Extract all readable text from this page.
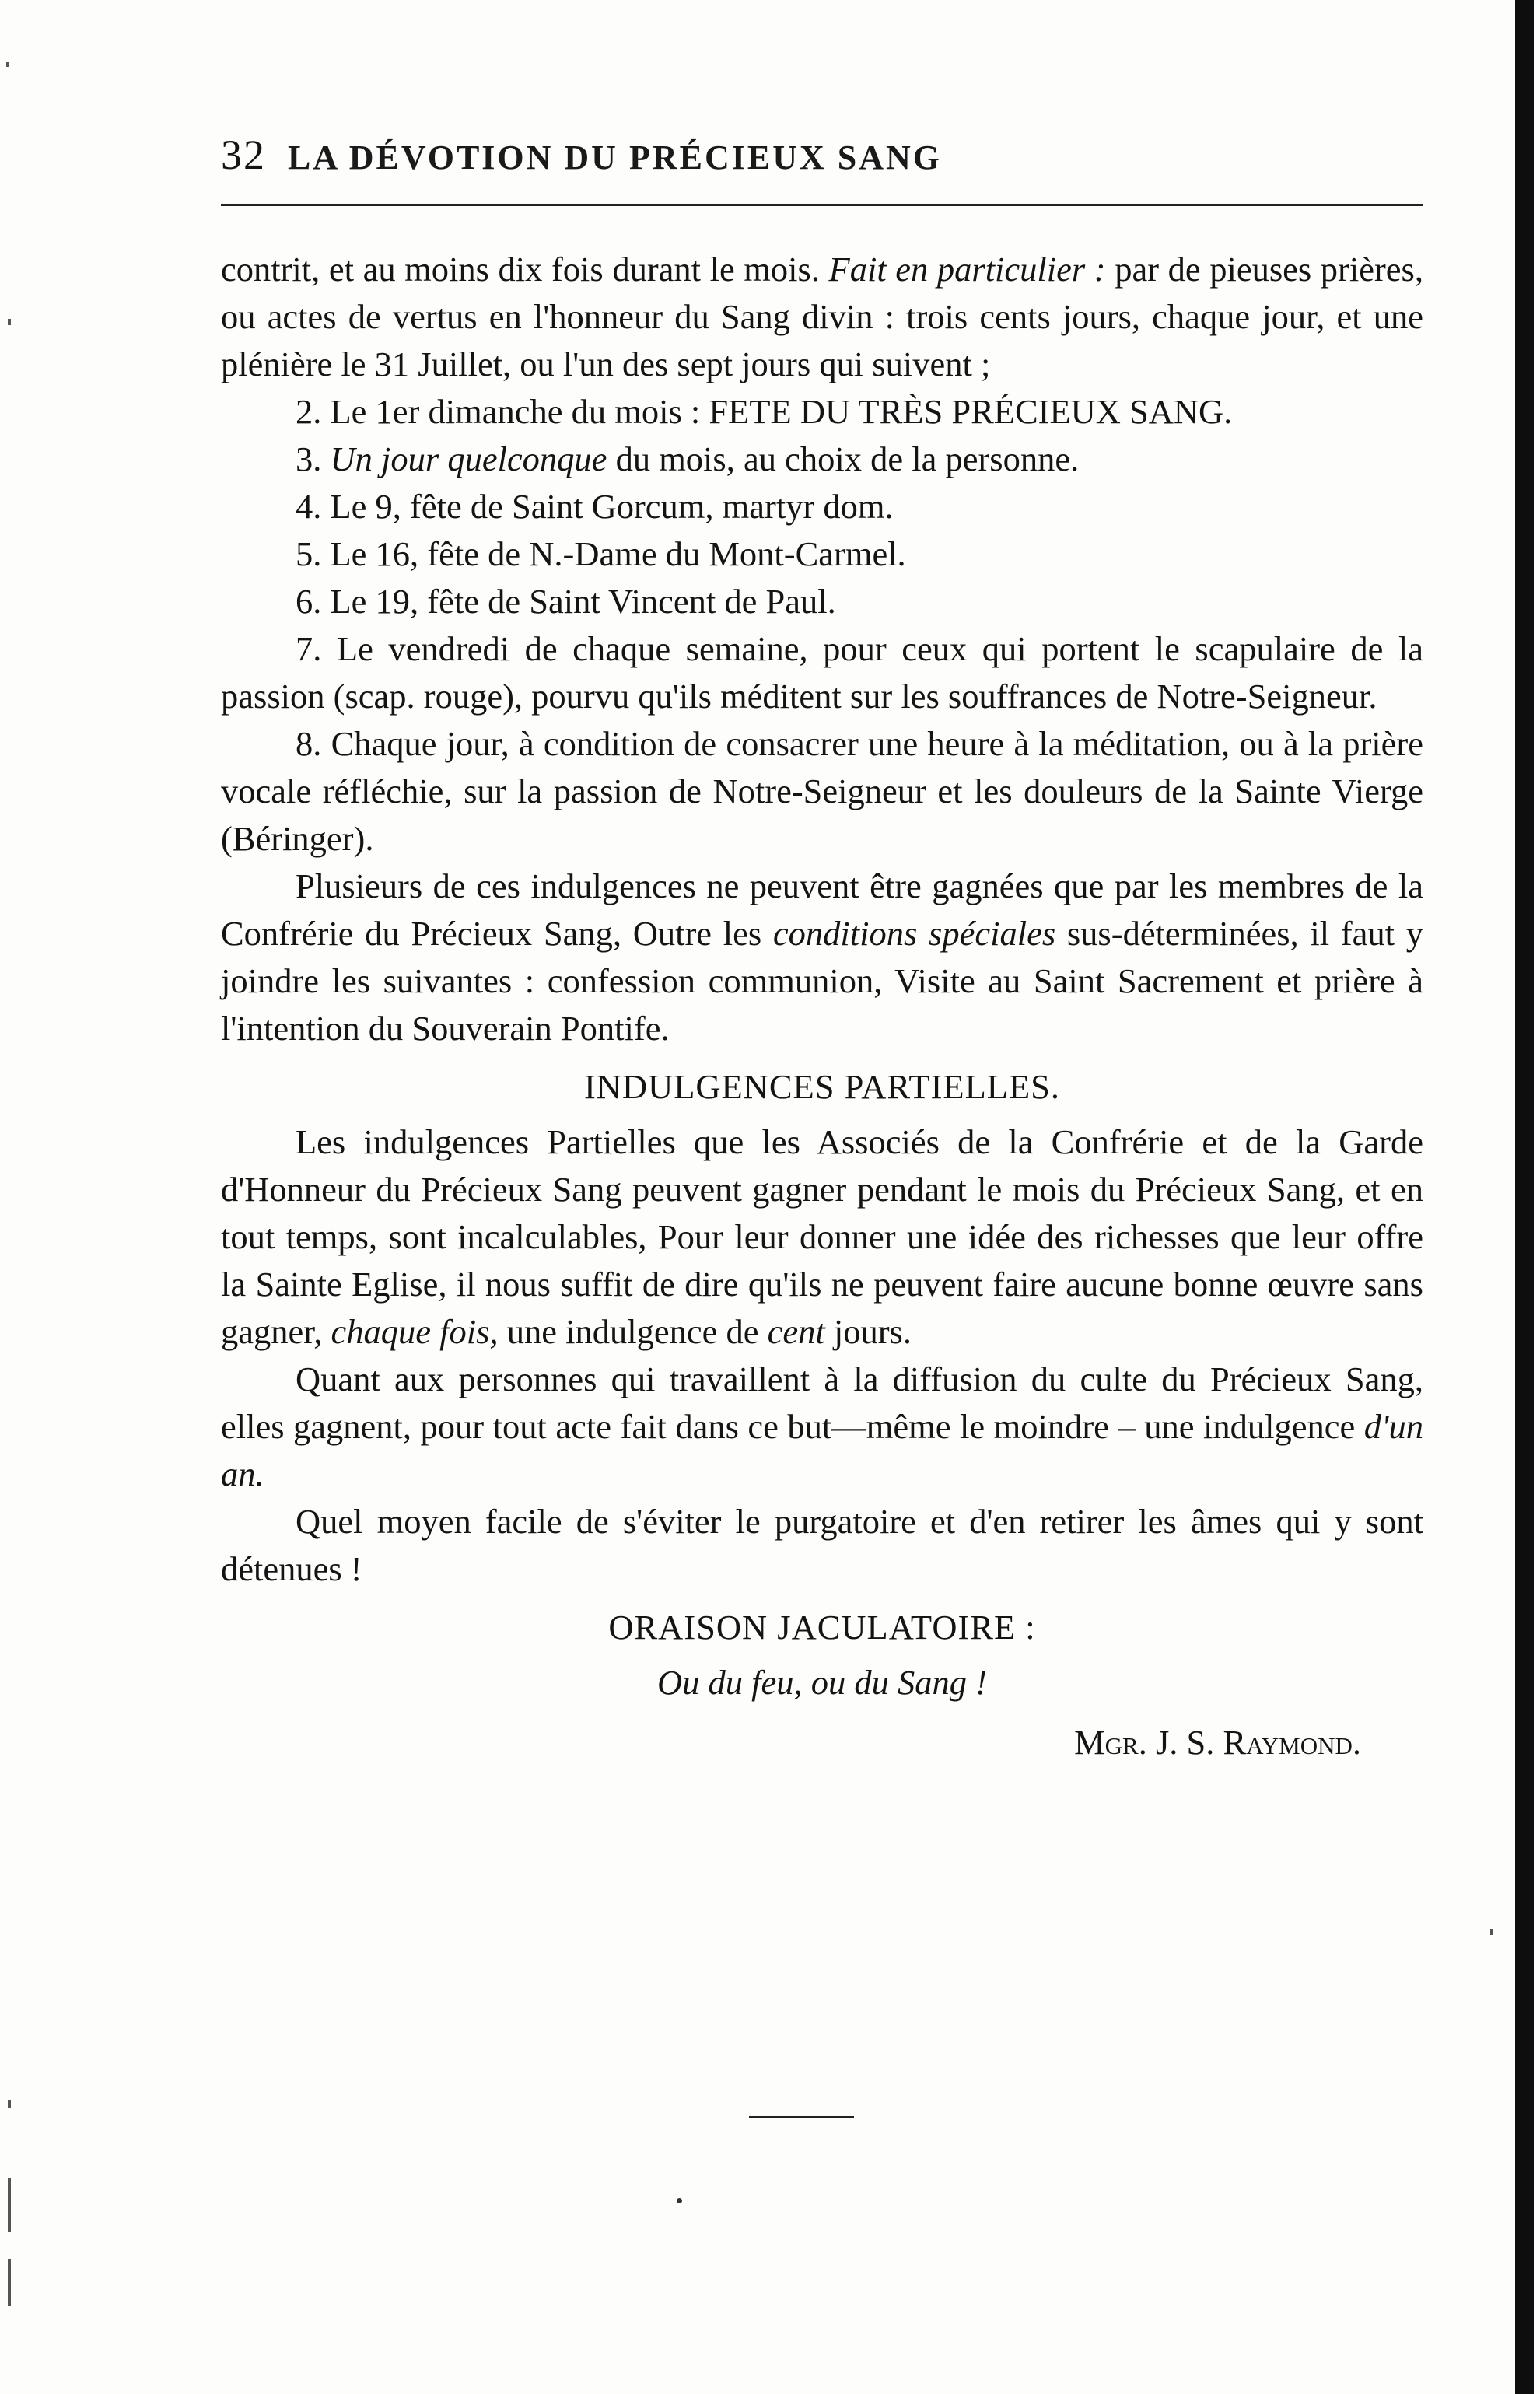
32 LA DÉVOTION DU PRÉCIEUX SANG

contrit, et au moins dix fois durant le mois. Fait en particulier : par de pieuses prières, ou actes de vertus en l'honneur du Sang divin : trois cents jours, chaque jour, et une plénière le 31 Juillet, ou l'un des sept jours qui suivent ;

2. Le 1er dimanche du mois : FETE DU TRÈS PRÉCIEUX SANG.

3. Un jour quelconque du mois, au choix de la personne.

4. Le 9, fête de Saint Gorcum, martyr dom.

5. Le 16, fête de N.-Dame du Mont-Carmel.

6. Le 19, fête de Saint Vincent de Paul.

7. Le vendredi de chaque semaine, pour ceux qui portent le scapulaire de la passion (scap. rouge), pourvu qu'ils méditent sur les souffrances de Notre-Seigneur.

8. Chaque jour, à condition de consacrer une heure à la méditation, ou à la prière vocale réfléchie, sur la passion de Notre-Seigneur et les douleurs de la Sainte Vierge (Béringer).

Plusieurs de ces indulgences ne peuvent être gagnées que par les membres de la Confrérie du Précieux Sang, Outre les conditions spéciales sus-déterminées, il faut y joindre les suivantes : confession communion, Visite au Saint Sacrement et prière à l'intention du Souverain Pontife.

INDULGENCES PARTIELLES.

Les indulgences Partielles que les Associés de la Confrérie et de la Garde d'Honneur du Précieux Sang peuvent gagner pendant le mois du Précieux Sang, et en tout temps, sont incalculables, Pour leur donner une idée des richesses que leur offre la Sainte Eglise, il nous suffit de dire qu'ils ne peuvent faire aucune bonne œuvre sans gagner, chaque fois, une indulgence de cent jours.

Quant aux personnes qui travaillent à la diffusion du culte du Précieux Sang, elles gagnent, pour tout acte fait dans ce but—même le moindre – une indulgence d'un an.

Quel moyen facile de s'éviter le purgatoire et d'en retirer les âmes qui y sont détenues !

ORAISON JACULATOIRE :

Ou du feu, ou du Sang !

Mgr. J. S. Raymond.
